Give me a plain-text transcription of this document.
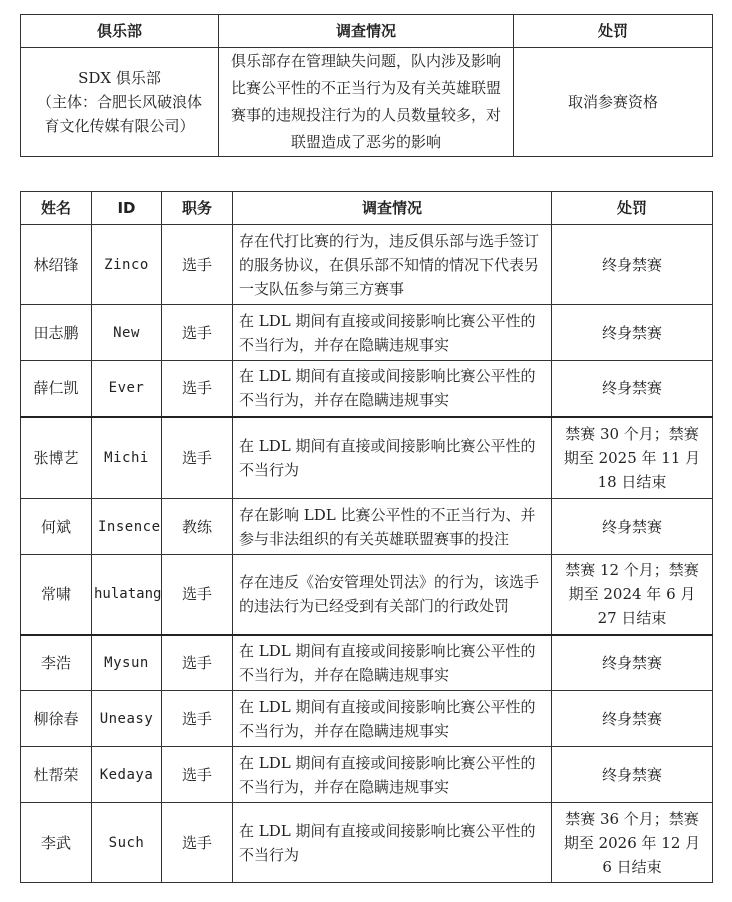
俱乐部	调查情况	处罚

SDX 俱乐部
（主体：合肥长风破浪体
育文化传媒有限公司）	俱乐部存在管理缺失问题，队内涉及影响比赛公平性的不正当行为及有关英雄联盟赛事的违规投注行为的人员数量较多，对联盟造成了恶劣的影响	取消参赛资格
姓名	ID	职务	调查情况	处罚
林绍锋	Zinco	选手	存在代打比赛的行为，违反俱乐部与选手签订的服务协议，在俱乐部不知情的情况下代表另一支队伍参与第三方赛事	终身禁赛
田志鹏	New	选手	在 LDL 期间有直接或间接影响比赛公平性的不当行为，并存在隐瞒违规事实	终身禁赛
薛仁凯	Ever	选手	在 LDL 期间有直接或间接影响比赛公平性的不当行为，并存在隐瞒违规事实	终身禁赛
张博艺	Michi	选手	在 LDL 期间有直接或间接影响比赛公平性的不当行为	禁赛 30 个月；禁赛期至 2025 年 11 月 18 日结束
何斌	Insence	教练	存在影响 LDL 比赛公平性的不正当行为、并参与非法组织的有关英雄联盟赛事的投注	终身禁赛
常啸	hulatang	选手	存在违反《治安管理处罚法》的行为，该选手的违法行为已经受到有关部门的行政处罚	禁赛 12 个月；禁赛期至 2024 年 6 月 27 日结束
李浩	Mysun	选手	在 LDL 期间有直接或间接影响比赛公平性的不当行为，并存在隐瞒违规事实	终身禁赛
柳徐春	Uneasy	选手	在 LDL 期间有直接或间接影响比赛公平性的不当行为，并存在隐瞒违规事实	终身禁赛
杜帮荣	Kedaya	选手	在 LDL 期间有直接或间接影响比赛公平性的不当行为，并存在隐瞒违规事实	终身禁赛
李武	Such	选手	在 LDL 期间有直接或间接影响比赛公平性的不当行为	禁赛 36 个月；禁赛期至 2026 年 12 月 6 日结束
